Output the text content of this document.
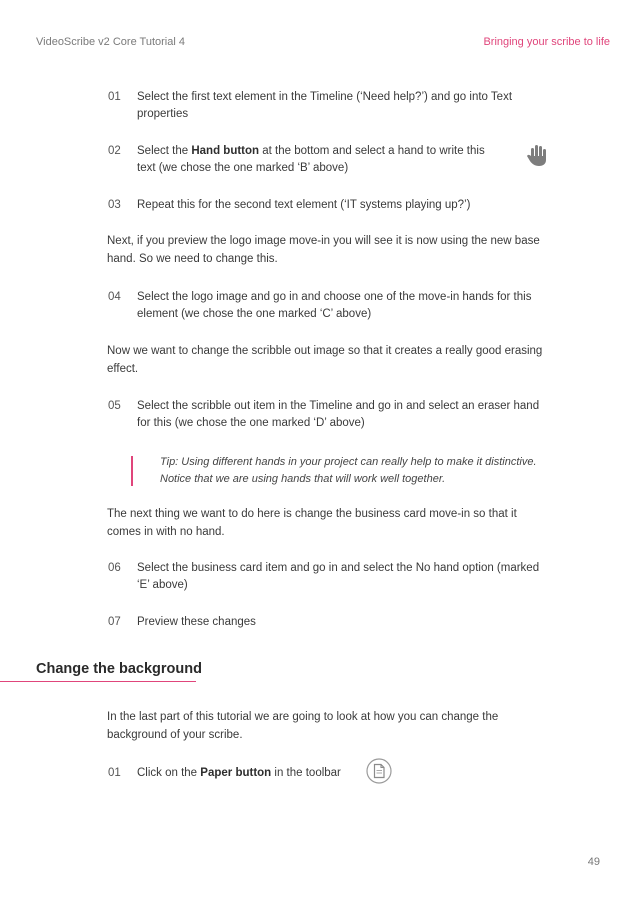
VideoScribe v2 Core Tutorial 4	Bringing your scribe to life
01 Select the first text element in the Timeline (‘Need help?’) and go into Text properties
02 Select the Hand button at the bottom and select a hand to write this text (we chose the one marked ‘B’ above)
03 Repeat this for the second text element (‘IT systems playing up?’)
Next, if you preview the logo image move-in you will see it is now using the new base hand. So we need to change this.
04 Select the logo image and go in and choose one of the move-in hands for this element (we chose the one marked ‘C’ above)
Now we want to change the scribble out image so that it creates a really good erasing effect.
05 Select the scribble out item in the Timeline and go in and select an eraser hand for this (we chose the one marked ‘D’ above)
Tip: Using different hands in your project can really help to make it distinctive. Notice that we are using hands that will work well together.
The next thing we want to do here is change the business card move-in so that it comes in with no hand.
06 Select the business card item and go in and select the No hand option (marked ‘E’ above)
07 Preview these changes
Change the background
In the last part of this tutorial we are going to look at how you can change the background of your scribe.
01 Click on the Paper button in the toolbar
49
